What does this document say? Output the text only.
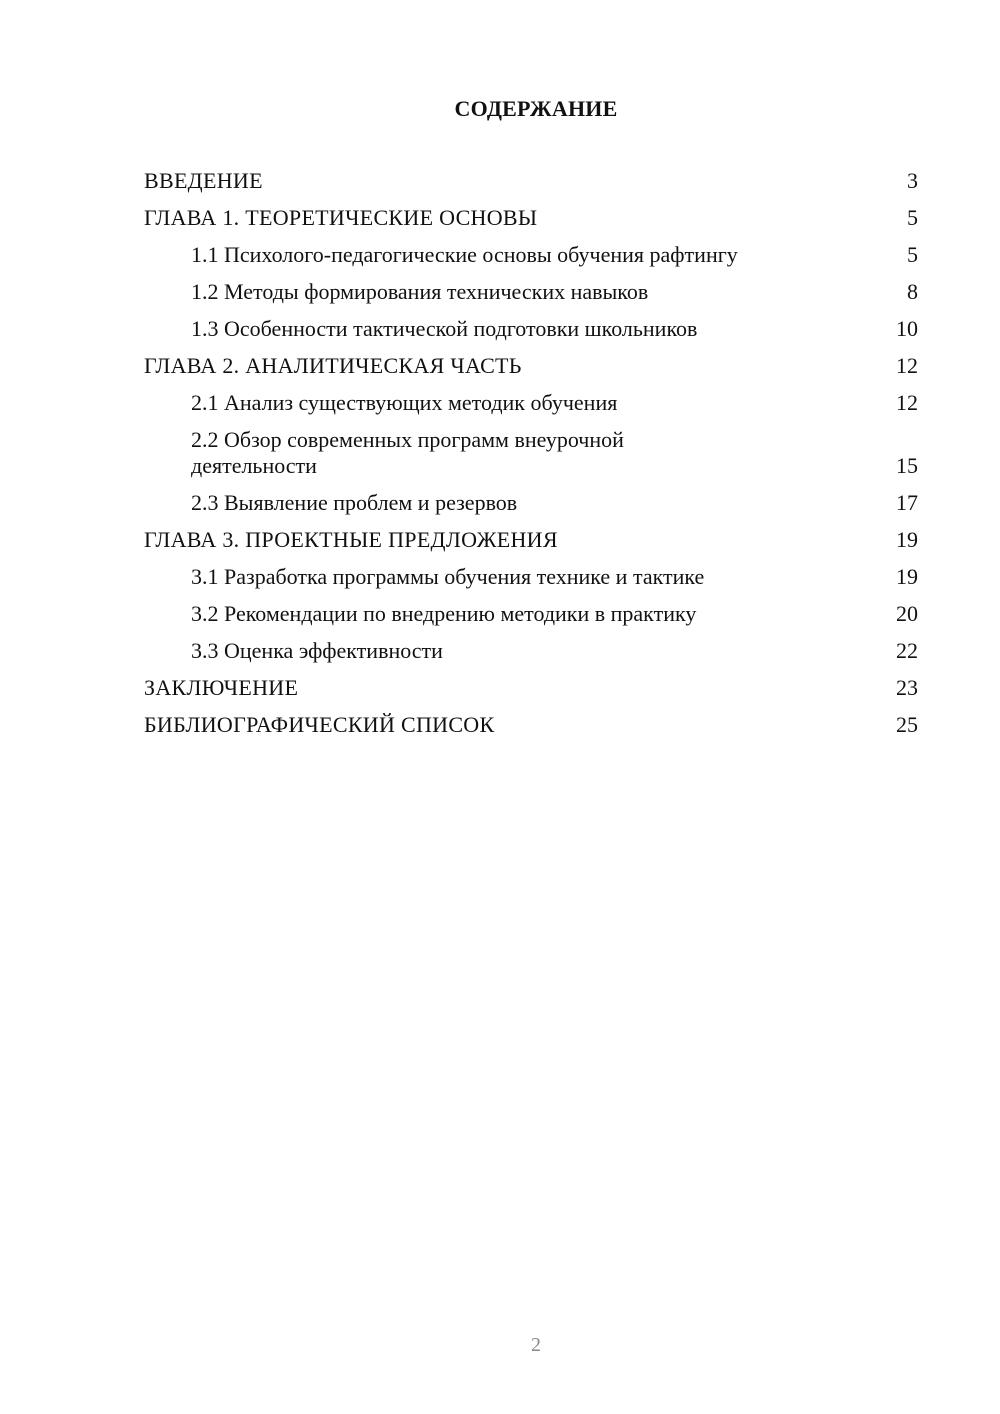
СОДЕРЖАНИЕ
ВВЕДЕНИЕ	3
ГЛАВА 1. ТЕОРЕТИЧЕСКИЕ ОСНОВЫ	5
1.1 Психолого-педагогические основы обучения рафтингу	5
1.2 Методы формирования технических навыков	8
1.3 Особенности тактической подготовки школьников	10
ГЛАВА 2. АНАЛИТИЧЕСКАЯ ЧАСТЬ	12
2.1 Анализ существующих методик обучения	12
2.2 Обзор современных программ внеурочной деятельности	15
2.3 Выявление проблем и резервов	17
ГЛАВА 3. ПРОЕКТНЫЕ ПРЕДЛОЖЕНИЯ	19
3.1 Разработка программы обучения технике и тактике	19
3.2 Рекомендации по внедрению методики в практику	20
3.3 Оценка эффективности	22
ЗАКЛЮЧЕНИЕ	23
БИБЛИОГРАФИЧЕСКИЙ СПИСОК	25
2
